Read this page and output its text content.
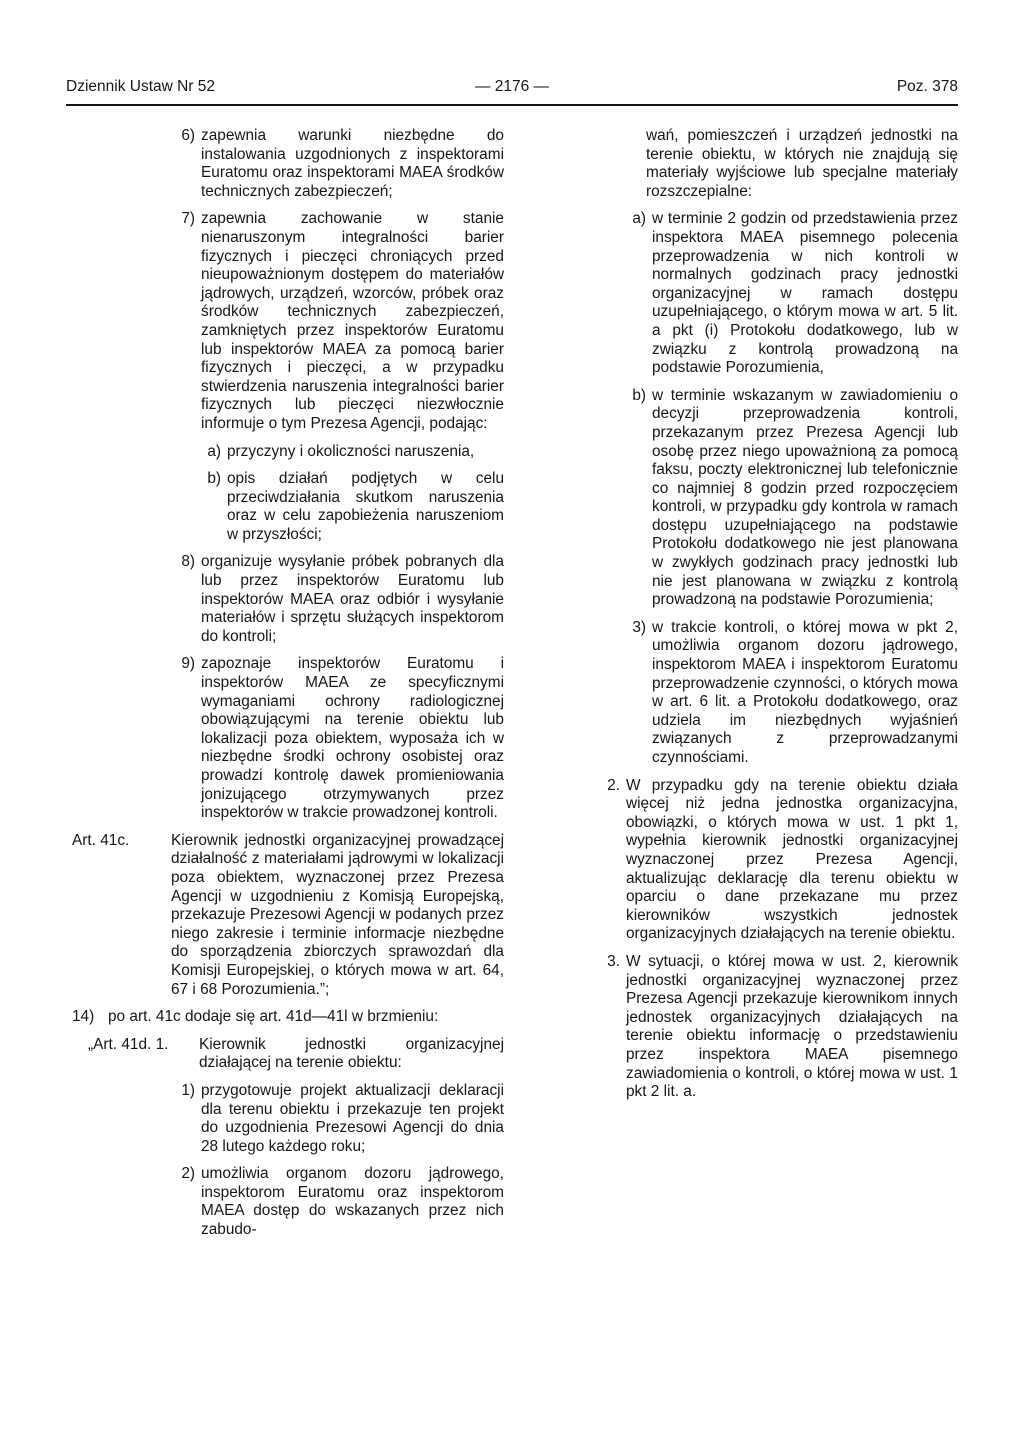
Dziennik Ustaw Nr 52	— 2176 —	Poz. 378
6) zapewnia warunki niezbędne do instalowania uzgodnionych z inspektorami Euratomu oraz inspektorami MAEA środków technicznych zabezpieczeń;

7) zapewnia zachowanie w stanie nienaruszonym integralności barier fizycznych i pieczęci chroniących przed nieupoważnionym dostępem do materiałów jądrowych, urządzeń, wzorców, próbek oraz środków technicznych zabezpieczeń, zamkniętych przez inspektorów Euratomu lub inspektorów MAEA za pomocą barier fizycznych i pieczęci, a w przypadku stwierdzenia naruszenia integralności barier fizycznych lub pieczęci niezwłocznie informuje o tym Prezesa Agencji, podając:

a) przyczyny i okoliczności naruszenia,

b) opis działań podjętych w celu przeciwdziałania skutkom naruszenia oraz w celu zapobieżenia naruszeniom w przyszłości;

8) organizuje wysyłanie próbek pobranych dla lub przez inspektorów Euratomu lub inspektorów MAEA oraz odbiór i wysyłanie materiałów i sprzętu służących inspektorom do kontroli;

9) zapoznaje inspektorów Euratomu i inspektorów MAEA ze specyficznymi wymaganiami ochrony radiologicznej obowiązującymi na terenie obiektu lub lokalizacji poza obiektem, wyposaża ich w niezbędne środki ochrony osobistej oraz prowadzi kontrolę dawek promieniowania jonizującego otrzymywanych przez inspektorów w trakcie prowadzonej kontroli.

Art. 41c.	Kierownik jednostki organizacyjnej prowadzącej działalność z materiałami jądrowymi w lokalizacji poza obiektem, wyznaczonej przez Prezesa Agencji w uzgodnieniu z Komisją Europejską, przekazuje Prezesowi Agencji w podanych przez niego zakresie i terminie informacje niezbędne do sporządzenia zbiorczych sprawozdań dla Komisji Europejskiej, o których mowa w art. 64, 67 i 68 Porozumienia.”;

14) po art. 41c dodaje się art. 41d—41l w brzmieniu:

„Art. 41d. 1.	Kierownik jednostki organizacyjnej działającej na terenie obiektu:

1) przygotowuje projekt aktualizacji deklaracji dla terenu obiektu i przekazuje ten projekt do uzgodnienia Prezesowi Agencji do dnia 28 lutego każdego roku;

2) umożliwia organom dozoru jądrowego, inspektorom Euratomu oraz inspektorom MAEA dostęp do wskazanych przez nich zabudo-

wań, pomieszczeń i urządzeń jednostki na terenie obiektu, w których nie znajdują się materiały wyjściowe lub specjalne materiały rozszczepialne:

a) w terminie 2 godzin od przedstawienia przez inspektora MAEA pisemnego polecenia przeprowadzenia w nich kontroli w normalnych godzinach pracy jednostki organizacyjnej w ramach dostępu uzupełniającego, o którym mowa w art. 5 lit. a pkt (i) Protokołu dodatkowego, lub w związku z kontrolą prowadzoną na podstawie Porozumienia,

b) w terminie wskazanym w zawiadomieniu o decyzji przeprowadzenia kontroli, przekazanym przez Prezesa Agencji lub osobę przez niego upoważnioną za pomocą faksu, poczty elektronicznej lub telefonicznie co najmniej 8 godzin przed rozpoczęciem kontroli, w przypadku gdy kontrola w ramach dostępu uzupełniającego na podstawie Protokołu dodatkowego nie jest planowana w zwykłych godzinach pracy jednostki lub nie jest planowana w związku z kontrolą prowadzoną na podstawie Porozumienia;

3) w trakcie kontroli, o której mowa w pkt 2, umożliwia organom dozoru jądrowego, inspektorom MAEA i inspektorom Euratomu przeprowadzenie czynności, o których mowa w art. 6 lit. a Protokołu dodatkowego, oraz udziela im niezbędnych wyjaśnień związanych z przeprowadzanymi czynnościami.

2. W przypadku gdy na terenie obiektu działa więcej niż jedna jednostka organizacyjna, obowiązki, o których mowa w ust. 1 pkt 1, wypełnia kierownik jednostki organizacyjnej wyznaczonej przez Prezesa Agencji, aktualizując deklarację dla terenu obiektu w oparciu o dane przekazane mu przez kierowników wszystkich jednostek organizacyjnych działających na terenie obiektu.

3. W sytuacji, o której mowa w ust. 2, kierownik jednostki organizacyjnej wyznaczonej przez Prezesa Agencji przekazuje kierownikom innych jednostek organizacyjnych działających na terenie obiektu informację o przedstawieniu przez inspektora MAEA pisemnego zawiadomienia o kontroli, o której mowa w ust. 1 pkt 2 lit. a.
